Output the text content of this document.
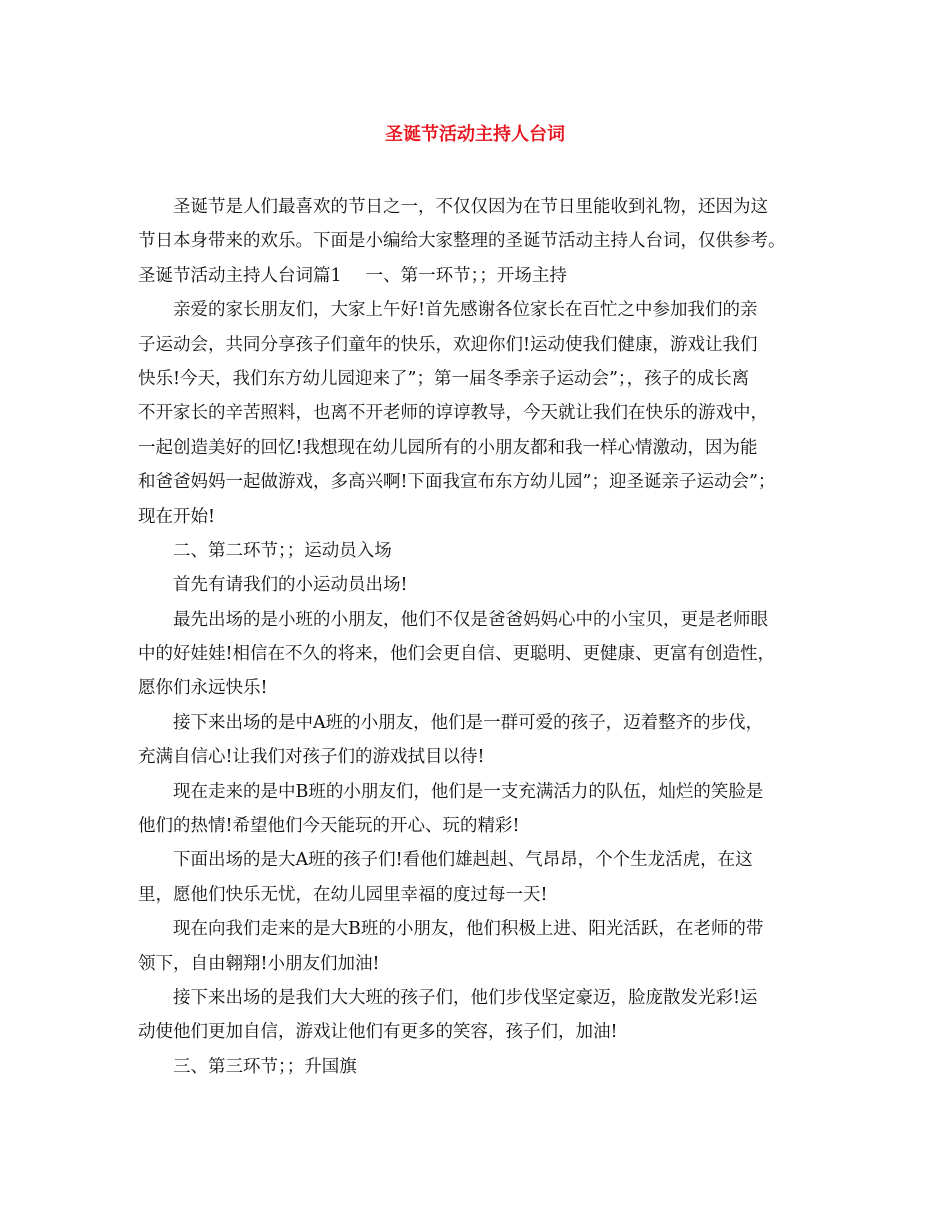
圣诞节活动主持人台词
圣诞节是人们最喜欢的节日之一，不仅仅因为在节日里能收到礼物，还因为这
节日本身带来的欢乐。下面是小编给大家整理的圣诞节活动主持人台词，仅供参考。
圣诞节活动主持人台词篇1 一、第一环节；；开场主持
亲爱的家长朋友们，大家上午好!首先感谢各位家长在百忙之中参加我们的亲
子运动会，共同分享孩子们童年的快乐，欢迎你们!运动使我们健康，游戏让我们
快乐!今天，我们东方幼儿园迎来了”；第一届冬季亲子运动会”；，孩子的成长离
不开家长的辛苦照料，也离不开老师的谆谆教导，今天就让我们在快乐的游戏中，
一起创造美好的回忆!我想现在幼儿园所有的小朋友都和我一样心情激动，因为能
和爸爸妈妈一起做游戏，多高兴啊!下面我宣布东方幼儿园”；迎圣诞亲子运动会”；
现在开始!
二、第二环节；；运动员入场
首先有请我们的小运动员出场!
最先出场的是小班的小朋友，他们不仅是爸爸妈妈心中的小宝贝，更是老师眼
中的好娃娃!相信在不久的将来，他们会更自信、更聪明、更健康、更富有创造性，
愿你们永远快乐!
接下来出场的是中A班的小朋友，他们是一群可爱的孩子，迈着整齐的步伐，
充满自信心!让我们对孩子们的游戏拭目以待!
现在走来的是中B班的小朋友们，他们是一支充满活力的队伍，灿烂的笑脸是
他们的热情!希望他们今天能玩的开心、玩的精彩!
下面出场的是大A班的孩子们!看他们雄赳赳、气昂昂，个个生龙活虎，在这
里，愿他们快乐无忧，在幼儿园里幸福的度过每一天!
现在向我们走来的是大B班的小朋友，他们积极上进、阳光活跃，在老师的带
领下，自由翱翔!小朋友们加油!
接下来出场的是我们大大班的孩子们，他们步伐坚定豪迈，脸庞散发光彩!运
动使他们更加自信，游戏让他们有更多的笑容，孩子们，加油!
三、第三环节；；升国旗
